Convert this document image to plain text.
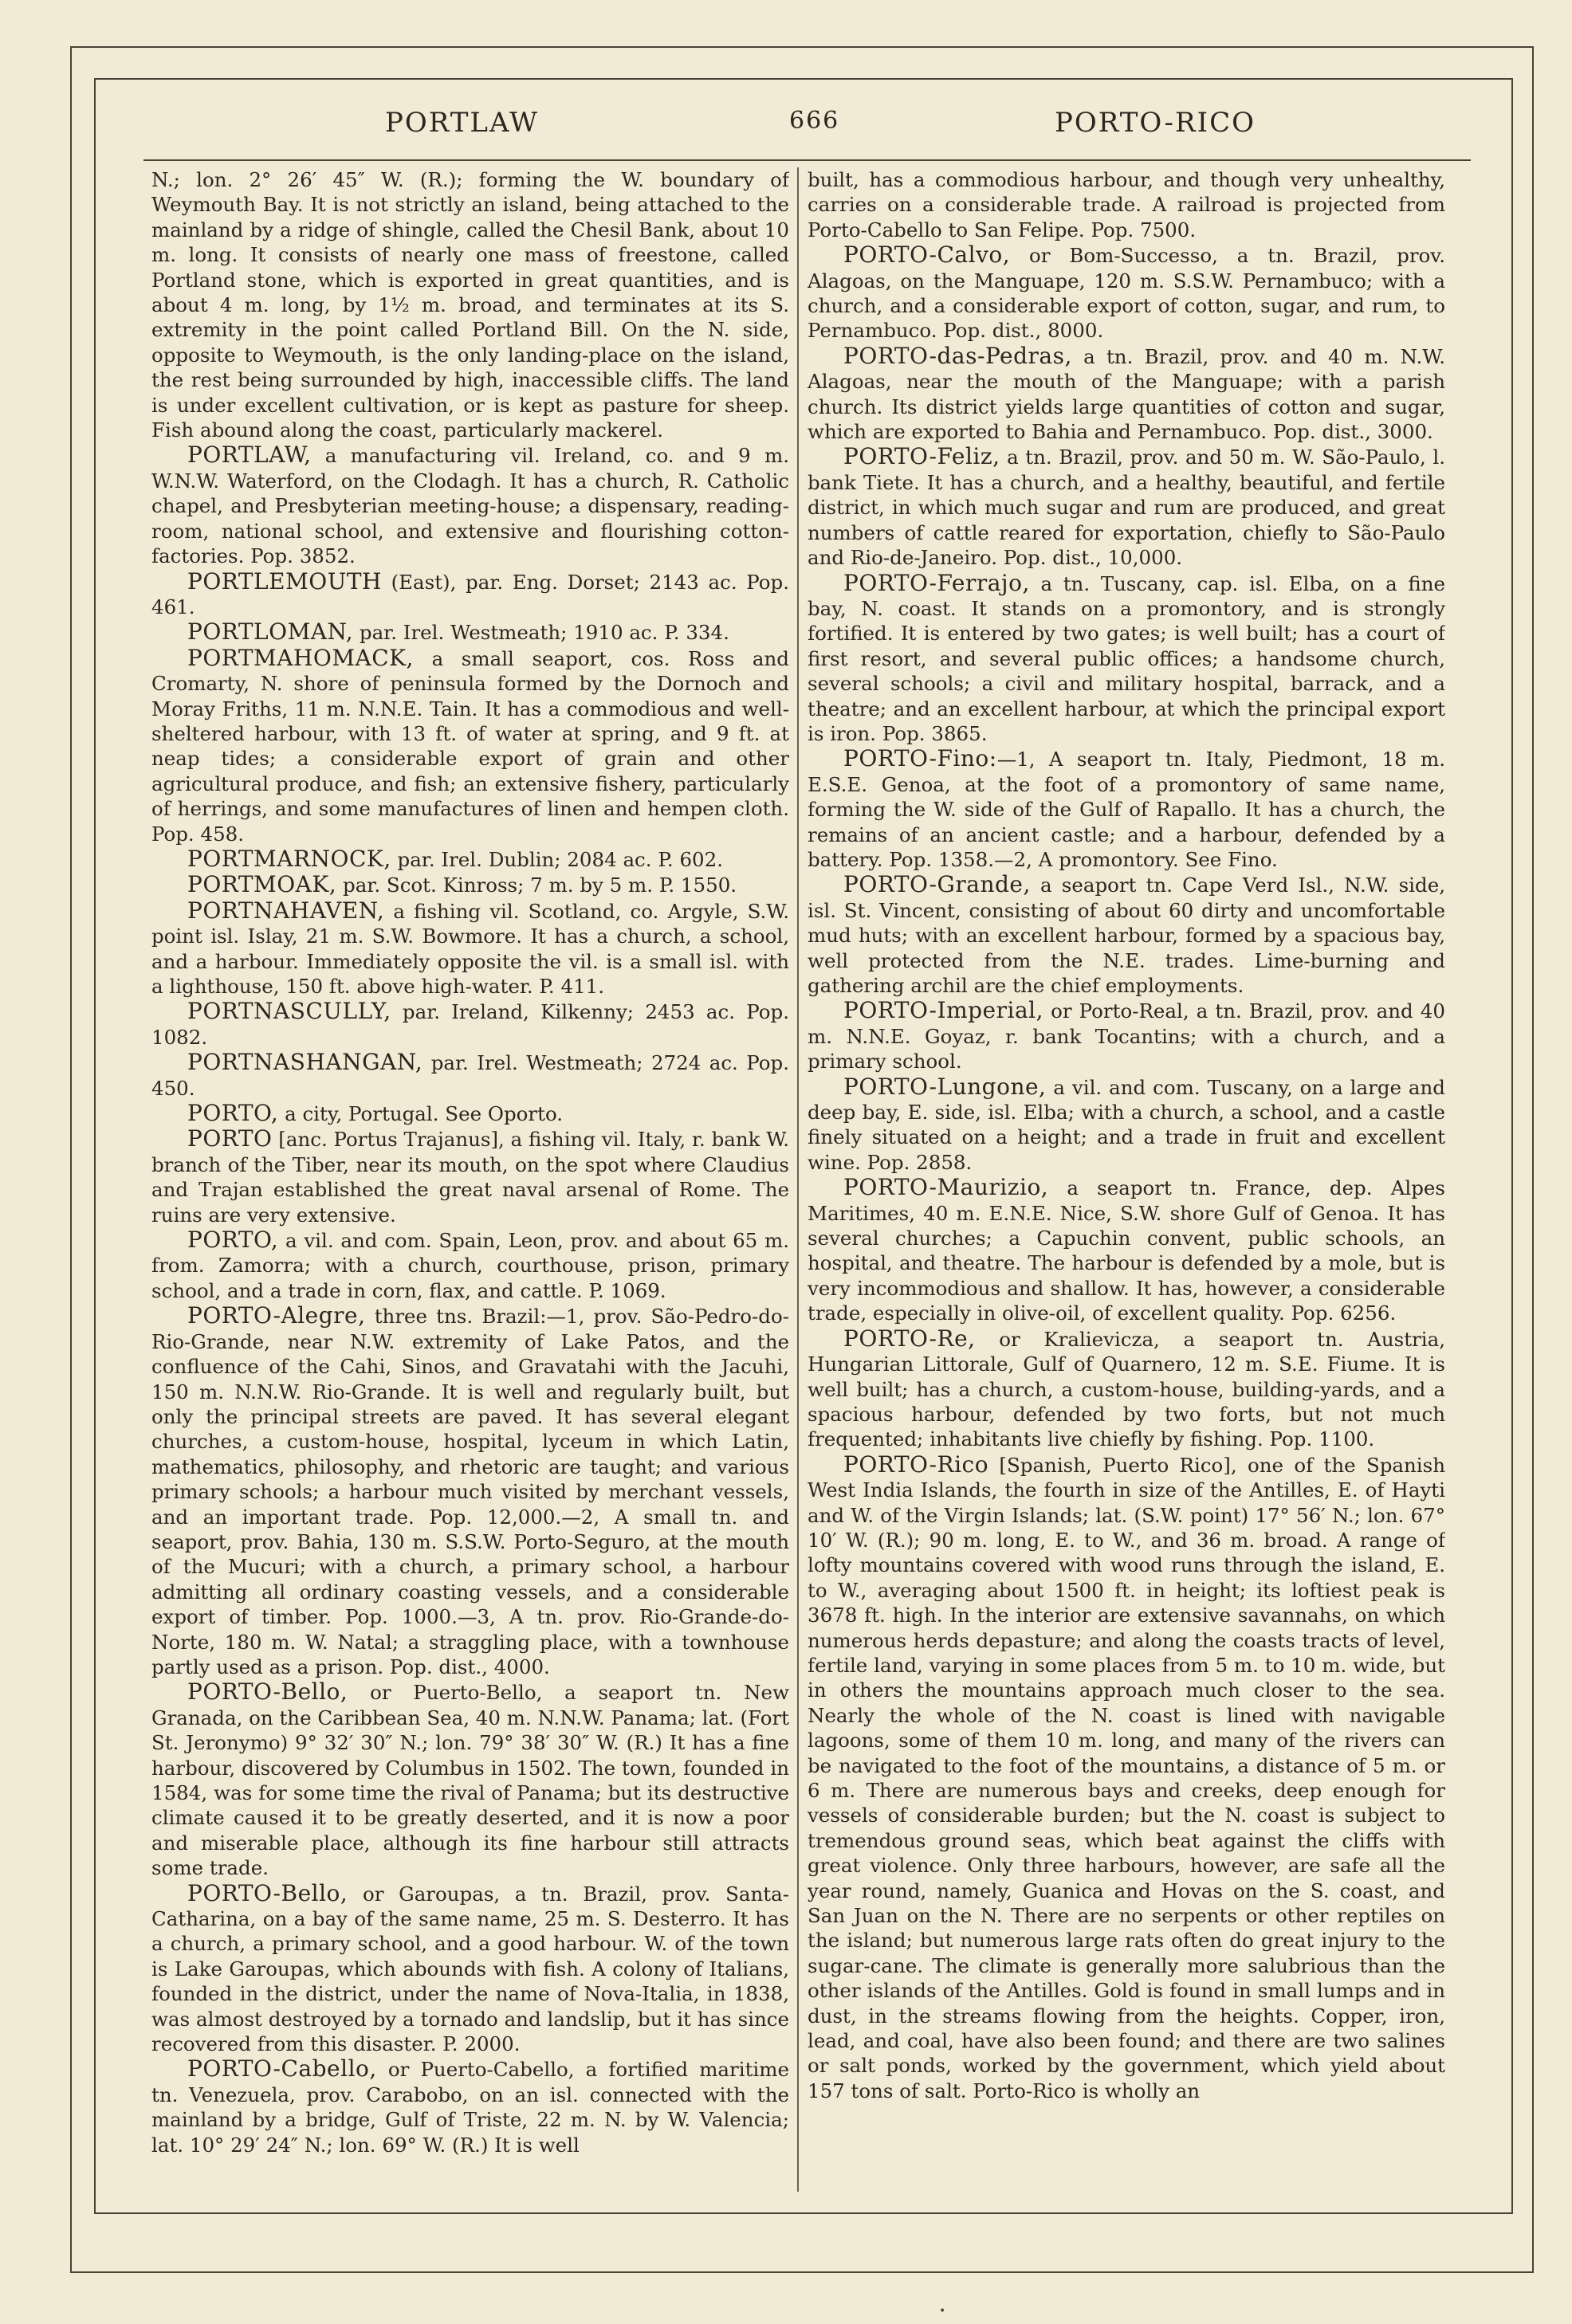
PORTLAW	666	PORTO-RICO

N.; lon. 2° 26′ 45″ W. (R.); forming the W. boundary of Weymouth Bay. It is not strictly an island, being attached to the mainland by a ridge of shingle, called the Chesil Bank, about 10 m. long. It consists of nearly one mass of freestone, called Portland stone, which is exported in great quantities, and is about 4 m. long, by 1½ m. broad, and terminates at its S. extremity in the point called Portland Bill. On the N. side, opposite to Weymouth, is the only landing-place on the island, the rest being surrounded by high, inaccessible cliffs. The land is under excellent cultivation, or is kept as pasture for sheep. Fish abound along the coast, particularly mackerel.

PORTLAW, a manufacturing vil. Ireland, co. and 9 m. W.N.W. Waterford, on the Clodagh. It has a church, R. Catholic chapel, and Presbyterian meeting-house; a dispensary, reading-room, national school, and extensive and flourishing cotton-factories. Pop. 3852.

PORTLEMOUTH (East), par. Eng. Dorset; 2143 ac. Pop. 461.

PORTLOMAN, par. Irel. Westmeath; 1910 ac. P. 334.

PORTMAHOMACK, a small seaport, cos. Ross and Cromarty, N. shore of peninsula formed by the Dornoch and Moray Friths, 11 m. N.N.E. Tain. It has a commodious and well-sheltered harbour, with 13 ft. of water at spring, and 9 ft. at neap tides; a considerable export of grain and other agricultural produce, and fish; an extensive fishery, particularly of herrings, and some manufactures of linen and hempen cloth. Pop. 458.

PORTMARNOCK, par. Irel. Dublin; 2084 ac. P. 602.

PORTMOAK, par. Scot. Kinross; 7 m. by 5 m. P. 1550.

PORTNAHAVEN, a fishing vil. Scotland, co. Argyle, S.W. point isl. Islay, 21 m. S.W. Bowmore. It has a church, a school, and a harbour. Immediately opposite the vil. is a small isl. with a lighthouse, 150 ft. above high-water. P. 411.

PORTNASCULLY, par. Ireland, Kilkenny; 2453 ac. Pop. 1082.

PORTNASHANGAN, par. Irel. Westmeath; 2724 ac. Pop. 450.

PORTO, a city, Portugal. See Oporto.

PORTO [anc. Portus Trajanus], a fishing vil. Italy, r. bank W. branch of the Tiber, near its mouth, on the spot where Claudius and Trajan established the great naval arsenal of Rome. The ruins are very extensive.

PORTO, a vil. and com. Spain, Leon, prov. and about 65 m. from. Zamorra; with a church, courthouse, prison, primary school, and a trade in corn, flax, and cattle. P. 1069.

PORTO-Alegre, three tns. Brazil:—1, prov. São-Pedro-do-Rio-Grande, near N.W. extremity of Lake Patos, and the confluence of the Cahi, Sinos, and Gravatahi with the Jacuhi, 150 m. N.N.W. Rio-Grande. It is well and regularly built, but only the principal streets are paved. It has several elegant churches, a custom-house, hospital, lyceum in which Latin, mathematics, philosophy, and rhetoric are taught; and various primary schools; a harbour much visited by merchant vessels, and an important trade. Pop. 12,000.—2, A small tn. and seaport, prov. Bahia, 130 m. S.S.W. Porto-Seguro, at the mouth of the Mucuri; with a church, a primary school, a harbour admitting all ordinary coasting vessels, and a considerable export of timber. Pop. 1000.—3, A tn. prov. Rio-Grande-do-Norte, 180 m. W. Natal; a straggling place, with a townhouse partly used as a prison. Pop. dist., 4000.

PORTO-Bello, or Puerto-Bello, a seaport tn. New Granada, on the Caribbean Sea, 40 m. N.N.W. Panama; lat. (Fort St. Jeronymo) 9° 32′ 30″ N.; lon. 79° 38′ 30″ W. (R.) It has a fine harbour, discovered by Columbus in 1502. The town, founded in 1584, was for some time the rival of Panama; but its destructive climate caused it to be greatly deserted, and it is now a poor and miserable place, although its fine harbour still attracts some trade.

PORTO-Bello, or Garoupas, a tn. Brazil, prov. Santa-Catharina, on a bay of the same name, 25 m. S. Desterro. It has a church, a primary school, and a good harbour. W. of the town is Lake Garoupas, which abounds with fish. A colony of Italians, founded in the district, under the name of Nova-Italia, in 1838, was almost destroyed by a tornado and landslip, but it has since recovered from this disaster. P. 2000.

PORTO-Cabello, or Puerto-Cabello, a fortified maritime tn. Venezuela, prov. Carabobo, on an isl. connected with the mainland by a bridge, Gulf of Triste, 22 m. N. by W. Valencia; lat. 10° 29′ 24″ N.; lon. 69° W. (R.) It is well

built, has a commodious harbour, and though very unhealthy, carries on a considerable trade. A railroad is projected from Porto-Cabello to San Felipe. Pop. 7500.

PORTO-Calvo, or Bom-Successo, a tn. Brazil, prov. Alagoas, on the Manguape, 120 m. S.S.W. Pernambuco; with a church, and a considerable export of cotton, sugar, and rum, to Pernambuco. Pop. dist., 8000.

PORTO-das-Pedras, a tn. Brazil, prov. and 40 m. N.W. Alagoas, near the mouth of the Manguape; with a parish church. Its district yields large quantities of cotton and sugar, which are exported to Bahia and Pernambuco. Pop. dist., 3000.

PORTO-Feliz, a tn. Brazil, prov. and 50 m. W. São-Paulo, l. bank Tiete. It has a church, and a healthy, beautiful, and fertile district, in which much sugar and rum are produced, and great numbers of cattle reared for exportation, chiefly to São-Paulo and Rio-de-Janeiro. Pop. dist., 10,000.

PORTO-Ferrajo, a tn. Tuscany, cap. isl. Elba, on a fine bay, N. coast. It stands on a promontory, and is strongly fortified. It is entered by two gates; is well built; has a court of first resort, and several public offices; a handsome church, several schools; a civil and military hospital, barrack, and a theatre; and an excellent harbour, at which the principal export is iron. Pop. 3865.

PORTO-Fino:—1, A seaport tn. Italy, Piedmont, 18 m. E.S.E. Genoa, at the foot of a promontory of same name, forming the W. side of the Gulf of Rapallo. It has a church, the remains of an ancient castle; and a harbour, defended by a battery. Pop. 1358.—2, A promontory. See Fino.

PORTO-Grande, a seaport tn. Cape Verd Isl., N.W. side, isl. St. Vincent, consisting of about 60 dirty and uncomfortable mud huts; with an excellent harbour, formed by a spacious bay, well protected from the N.E. trades. Lime-burning and gathering archil are the chief employments.

PORTO-Imperial, or Porto-Real, a tn. Brazil, prov. and 40 m. N.N.E. Goyaz, r. bank Tocantins; with a church, and a primary school.

PORTO-Lungone, a vil. and com. Tuscany, on a large and deep bay, E. side, isl. Elba; with a church, a school, and a castle finely situated on a height; and a trade in fruit and excellent wine. Pop. 2858.

PORTO-Maurizio, a seaport tn. France, dep. Alpes Maritimes, 40 m. E.N.E. Nice, S.W. shore Gulf of Genoa. It has several churches; a Capuchin convent, public schools, an hospital, and theatre. The harbour is defended by a mole, but is very incommodious and shallow. It has, however, a considerable trade, especially in olive-oil, of excellent quality. Pop. 6256.

PORTO-Re, or Kralievicza, a seaport tn. Austria, Hungarian Littorale, Gulf of Quarnero, 12 m. S.E. Fiume. It is well built; has a church, a custom-house, building-yards, and a spacious harbour, defended by two forts, but not much frequented; inhabitants live chiefly by fishing. Pop. 1100.

PORTO-Rico [Spanish, Puerto Rico], one of the Spanish West India Islands, the fourth in size of the Antilles, E. of Hayti and W. of the Virgin Islands; lat. (S.W. point) 17° 56′ N.; lon. 67° 10′ W. (R.); 90 m. long, E. to W., and 36 m. broad. A range of lofty mountains covered with wood runs through the island, E. to W., averaging about 1500 ft. in height; its loftiest peak is 3678 ft. high. In the interior are extensive savannahs, on which numerous herds depasture; and along the coasts tracts of level, fertile land, varying in some places from 5 m. to 10 m. wide, but in others the mountains approach much closer to the sea. Nearly the whole of the N. coast is lined with navigable lagoons, some of them 10 m. long, and many of the rivers can be navigated to the foot of the mountains, a distance of 5 m. or 6 m. There are numerous bays and creeks, deep enough for vessels of considerable burden; but the N. coast is subject to tremendous ground seas, which beat against the cliffs with great violence. Only three harbours, however, are safe all the year round, namely, Guanica and Hovas on the S. coast, and San Juan on the N. There are no serpents or other reptiles on the island; but numerous large rats often do great injury to the sugar-cane. The climate is generally more salubrious than the other islands of the Antilles. Gold is found in small lumps and in dust, in the streams flowing from the heights. Copper, iron, lead, and coal, have also been found; and there are two salines or salt ponds, worked by the government, which yield about 157 tons of salt. Porto-Rico is wholly an

•
